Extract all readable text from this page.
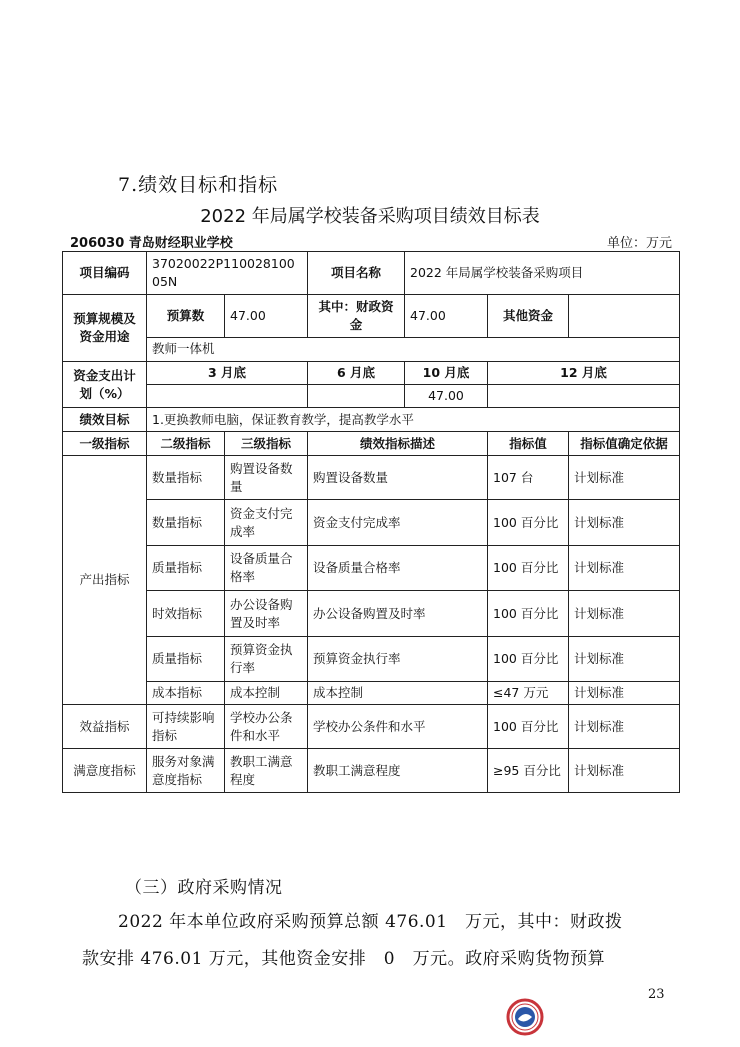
7.绩效目标和指标
2022 年局属学校装备采购项目绩效目标表
206030 青岛财经职业学校	单位：万元
项目编码	37020022P11002810005N		项目名称	2022 年局属学校装备采购项目		
预算规模及资金用途	预算数	47.00	其中：财政资金	47.00	其他资金	
	教师一体机					
资金支出计划（%）	3 月底		6 月底	10 月底	12 月底	
				47.00		
绩效目标	1.更换教师电脑，保证教育教学，提高教学水平					
一级指标	二级指标	三级指标	绩效指标描述		指标值	指标值确定依据
产出指标	数量指标	购置设备数量	购置设备数量		107 台	计划标准
	数量指标	资金支付完成率	资金支付完成率		100 百分比	计划标准
	质量指标	设备质量合格率	设备质量合格率		100 百分比	计划标准
	时效指标	办公设备购置及时率	办公设备购置及时率		100 百分比	计划标准
	质量指标	预算资金执行率	预算资金执行率		100 百分比	计划标准
	成本指标	成本控制	成本控制		≤47 万元	计划标准
效益指标	可持续影响指标	学校办公条件和水平	学校办公条件和水平		100 百分比	计划标准
满意度指标	服务对象满意度指标	教职工满意程度	教职工满意程度		≥95 百分比	计划标准
（三）政府采购情况
2022 年本单位政府采购预算总额 476.01　万元，其中：财政拨
款安排 476.01 万元，其他资金安排　0　万元。政府采购货物预算
23
